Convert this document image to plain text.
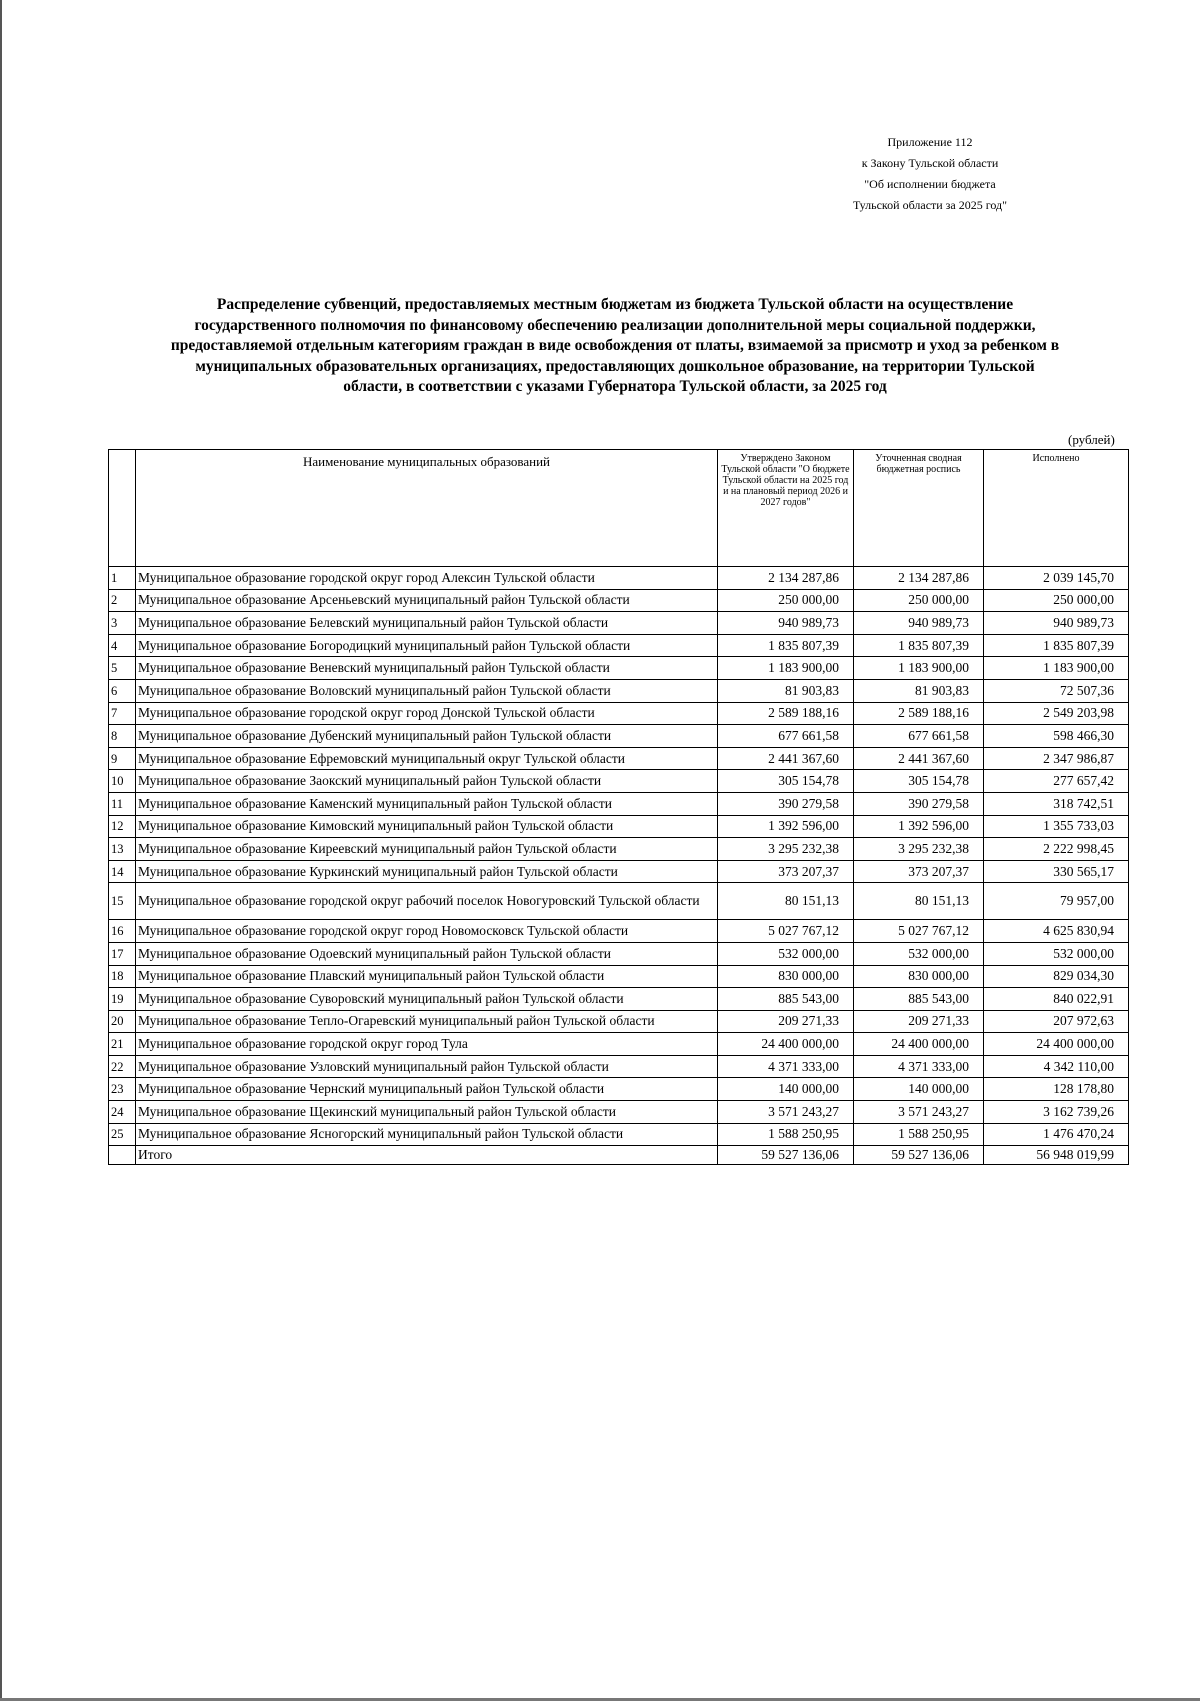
Приложение 112
к Закону Тульской области
"Об исполнении бюджета
Тульской области за 2025 год"
Распределение субвенций, предоставляемых местным бюджетам из бюджета Тульской области на осуществление
государственного полномочия по финансовому обеспечению реализации дополнительной меры социальной поддержки,
предоставляемой отдельным категориям граждан в виде освобождения от платы, взимаемой за присмотр и уход за ребенком в
муниципальных образовательных организациях, предоставляющих дошкольное образование, на территории Тульской
области, в соответствии с указами Губернатора Тульской области, за 2025 год
(рублей)
	Наименование муниципальных образований	Утверждено Законом Тульской области "О бюджете Тульской области на 2025 год и на плановый период 2026 и 2027 годов"	Уточненная сводная бюджетная роспись	Исполнено
1	Муниципальное образование городской округ город Алексин Тульской области	2 134 287,86	2 134 287,86	2 039 145,70
2	Муниципальное образование Арсеньевский муниципальный район Тульской области	250 000,00	250 000,00	250 000,00
3	Муниципальное образование Белевский муниципальный район Тульской области	940 989,73	940 989,73	940 989,73
4	Муниципальное образование Богородицкий муниципальный район Тульской области	1 835 807,39	1 835 807,39	1 835 807,39
5	Муниципальное образование Веневский муниципальный район Тульской области	1 183 900,00	1 183 900,00	1 183 900,00
6	Муниципальное образование Воловский муниципальный район Тульской области	81 903,83	81 903,83	72 507,36
7	Муниципальное образование городской округ город Донской Тульской области	2 589 188,16	2 589 188,16	2 549 203,98
8	Муниципальное образование Дубенский муниципальный район Тульской области	677 661,58	677 661,58	598 466,30
9	Муниципальное образование Ефремовский муниципальный округ Тульской области	2 441 367,60	2 441 367,60	2 347 986,87
10	Муниципальное образование Заокский муниципальный район Тульской области	305 154,78	305 154,78	277 657,42
11	Муниципальное образование Каменский муниципальный район Тульской области	390 279,58	390 279,58	318 742,51
12	Муниципальное образование Кимовский муниципальный район Тульской области	1 392 596,00	1 392 596,00	1 355 733,03
13	Муниципальное образование Киреевский муниципальный район Тульской области	3 295 232,38	3 295 232,38	2 222 998,45
14	Муниципальное образование Куркинский муниципальный район Тульской области	373 207,37	373 207,37	330 565,17
15	Муниципальное образование городской округ рабочий поселок Новогуровский Тульской области	80 151,13	80 151,13	79 957,00
16	Муниципальное образование городской округ город Новомосковск Тульской области	5 027 767,12	5 027 767,12	4 625 830,94
17	Муниципальное образование Одоевский муниципальный район Тульской области	532 000,00	532 000,00	532 000,00
18	Муниципальное образование Плавский муниципальный район Тульской области	830 000,00	830 000,00	829 034,30
19	Муниципальное образование Суворовский муниципальный район Тульской области	885 543,00	885 543,00	840 022,91
20	Муниципальное образование Тепло-Огаревский муниципальный район Тульской области	209 271,33	209 271,33	207 972,63
21	Муниципальное образование городской округ город Тула	24 400 000,00	24 400 000,00	24 400 000,00
22	Муниципальное образование Узловский муниципальный район Тульской области	4 371 333,00	4 371 333,00	4 342 110,00
23	Муниципальное образование Чернский муниципальный район Тульской области	140 000,00	140 000,00	128 178,80
24	Муниципальное образование Щекинский муниципальный район Тульской области	3 571 243,27	3 571 243,27	3 162 739,26
25	Муниципальное образование Ясногорский муниципальный район Тульской области	1 588 250,95	1 588 250,95	1 476 470,24
	Итого	59 527 136,06	59 527 136,06	56 948 019,99
